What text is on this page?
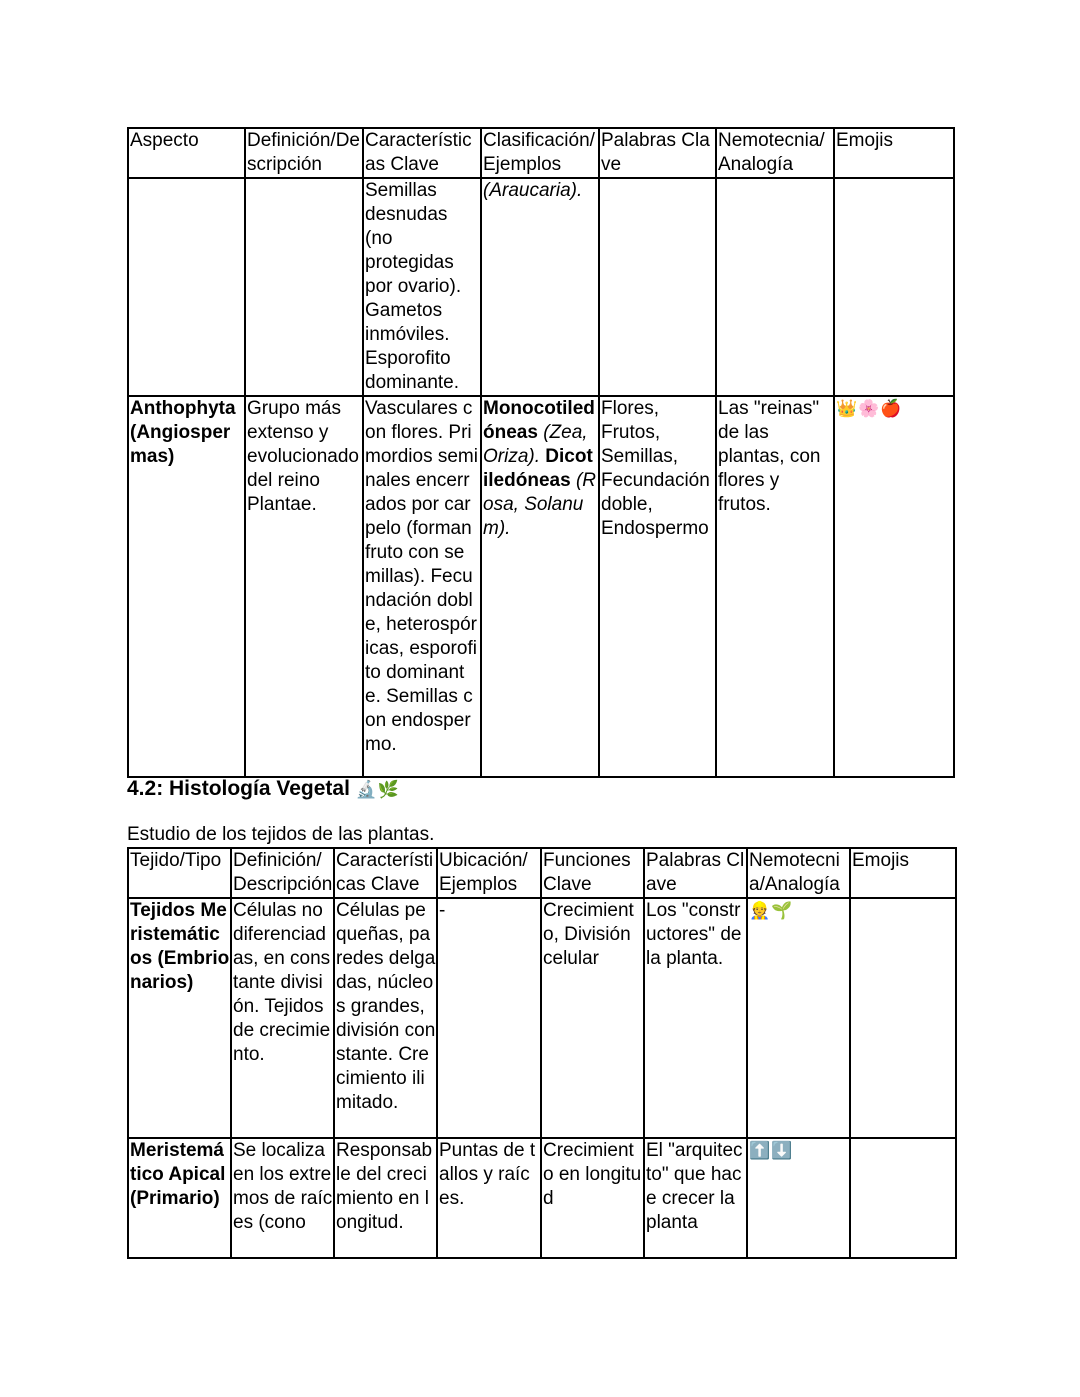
Aspecto	Definición/Descripción	Características Clave	Clasificación/Ejemplos	Palabras Clave	Nemotecnia/Analogía	Emojis
		Semillas desnudas (no protegidas por ovario). Gametos inmóviles. Esporofito dominante.	(Araucaria).			
Anthophyta (Angiospermas)	Grupo más extenso y evolucionado del reino Plantae.	Vasculares con flores. Primordios seminales encerrados por carpelo (forman fruto con semillas). Fecundación doble, heterospóricas, esporofito dominante. Semillas con endospermo.	Monocotiledóneas (Zea, Oriza). Dicotiledóneas (Rosa, Solanum).	Flores, Frutos, Semillas, Fecundación doble, Endospermo	Las "reinas" de las plantas, con flores y frutos.	👑🌸🍎
4.2: Histología Vegetal 🔬🌿

Estudio de los tejidos de las plantas.

Tejido/Tipo	Definición/Descripción	Características Clave	Ubicación/Ejemplos	Funciones Clave	Palabras Clave	Nemotecnia/Analogía	Emojis
Tejidos Meristemáticos (Embrionarios)	Células no diferenciadas, en constante división. Tejidos de crecimiento.	Células pequeñas, paredes delgadas, núcleos grandes, división constante. Crecimiento ilimitado.	-	Crecimiento, División celular	Los "constructores" de la planta.	👷🌱	
Meristemático Apical (Primario)	Se localiza en los extremos de raíces (cono	Responsable del crecimiento en longitud.	Puntas de tallos y raíces.	Crecimiento en longitud	El "arquitecto" que hace crecer la planta	⬆️⬇️	
